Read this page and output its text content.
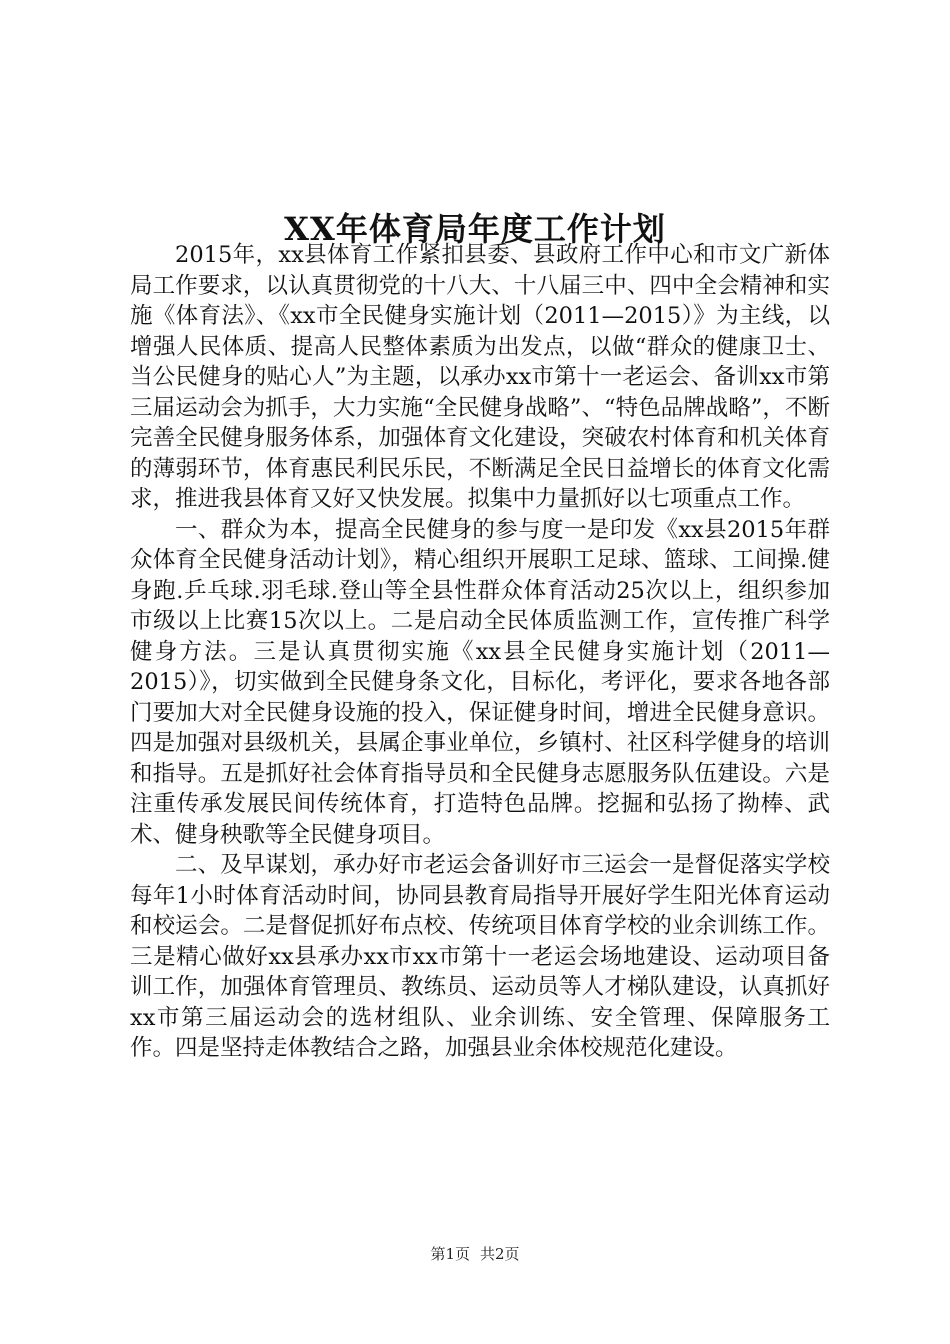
XX年体育局年度工作计划

2015年，xx县体育工作紧扣县委、县政府工作中心和市文广新体局工作要求，以认真贯彻党的十八大、十八届三中、四中全会精神和实施《体育法》、《xx市全民健身实施计划（2011—2015）》为主线，以增强人民体质、提高人民整体素质为出发点，以做“群众的健康卫士、当公民健身的贴心人”为主题，以承办xx市第十一老运会、备训xx市第三届运动会为抓手，大力实施“全民健身战略”、“特色品牌战略”，不断完善全民健身服务体系，加强体育文化建设，突破农村体育和机关体育的薄弱环节，体育惠民利民乐民，不断满足全民日益增长的体育文化需求，推进我县体育又好又快发展。拟集中力量抓好以七项重点工作。

一、群众为本，提高全民健身的参与度一是印发《xx县2015年群众体育全民健身活动计划》，精心组织开展职工足球、篮球、工间操.健身跑.乒乓球.羽毛球.登山等全县性群众体育活动25次以上，组织参加市级以上比赛15次以上。二是启动全民体质监测工作，宣传推广科学健身方法。三是认真贯彻实施《xx县全民健身实施计划（2011—2015）》，切实做到全民健身条文化，目标化，考评化，要求各地各部门要加大对全民健身设施的投入，保证健身时间，增进全民健身意识。四是加强对县级机关，县属企事业单位，乡镇村、社区科学健身的培训和指导。五是抓好社会体育指导员和全民健身志愿服务队伍建设。六是注重传承发展民间传统体育，打造特色品牌。挖掘和弘扬了拗棒、武术、健身秧歌等全民健身项目。

二、及早谋划，承办好市老运会备训好市三运会一是督促落实学校每年1小时体育活动时间，协同县教育局指导开展好学生阳光体育运动和校运会。二是督促抓好布点校、传统项目体育学校的业余训练工作。三是精心做好xx县承办xx市xx市第十一老运会场地建设、运动项目备训工作，加强体育管理员、教练员、运动员等人才梯队建设，认真抓好xx市第三届运动会的选材组队、业余训练、安全管理、保障服务工作。四是坚持走体教结合之路，加强县业余体校规范化建设。

第1页 共2页
